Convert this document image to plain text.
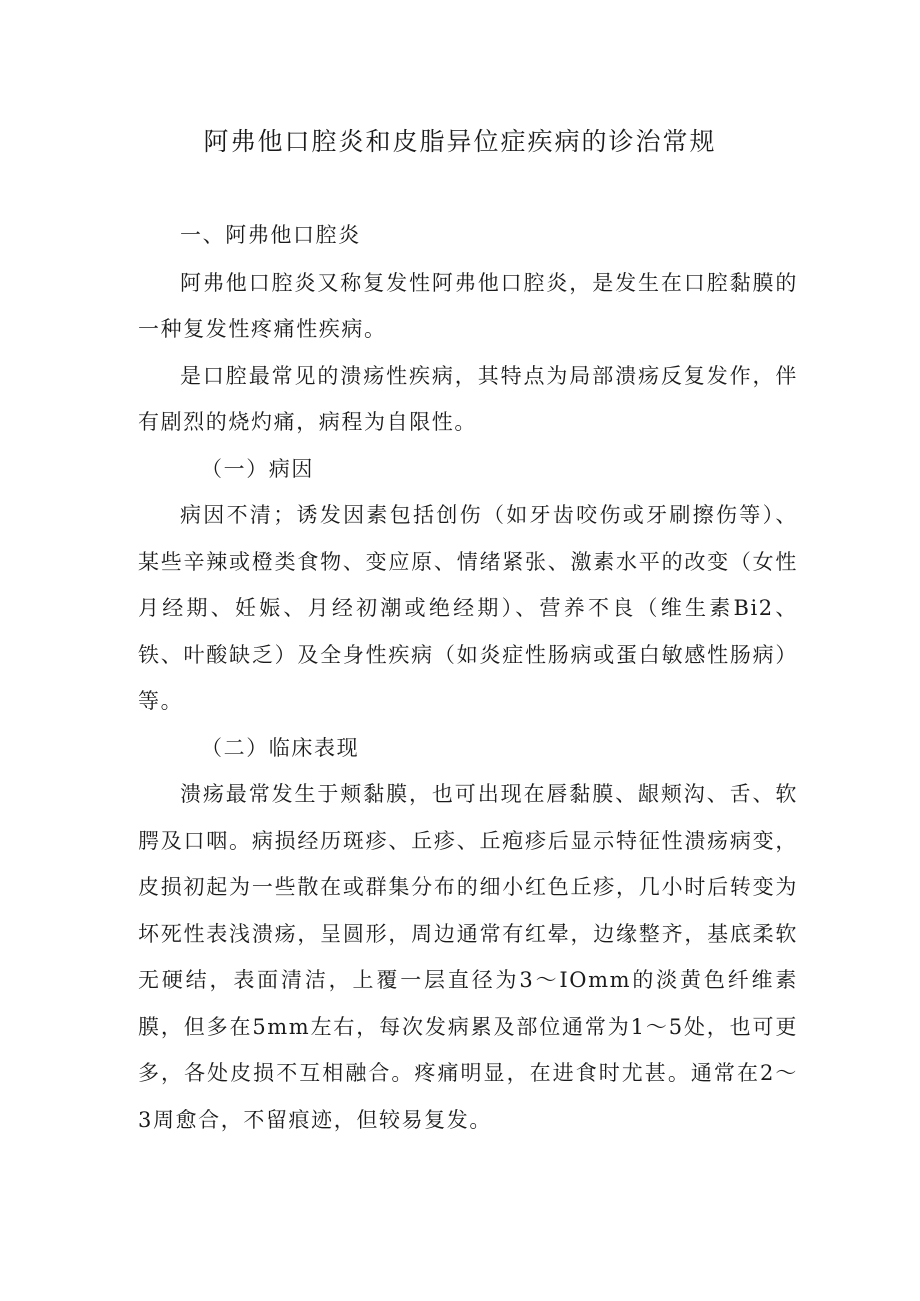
阿弗他口腔炎和皮脂异位症疾病的诊治常规

一、阿弗他口腔炎

阿弗他口腔炎又称复发性阿弗他口腔炎，是发生在口腔黏膜的一种复发性疼痛性疾病。

是口腔最常见的溃疡性疾病，其特点为局部溃疡反复发作，伴有剧烈的烧灼痛，病程为自限性。

（一）病因

病因不清；诱发因素包括创伤（如牙齿咬伤或牙刷擦伤等）、某些辛辣或橙类食物、变应原、情绪紧张、激素水平的改变（女性月经期、妊娠、月经初潮或绝经期）、营养不良（维生素Bi2、铁、叶酸缺乏）及全身性疾病（如炎症性肠病或蛋白敏感性肠病）等。

（二）临床表现

溃疡最常发生于颊黏膜，也可出现在唇黏膜、龈颊沟、舌、软腭及口咽。病损经历斑疹、丘疹、丘疱疹后显示特征性溃疡病变，皮损初起为一些散在或群集分布的细小红色丘疹，几小时后转变为坏死性表浅溃疡，呈圆形，周边通常有红晕，边缘整齐，基底柔软无硬结，表面清洁，上覆一层直径为3～IOmm的淡黄色纤维素膜，但多在5mm左右，每次发病累及部位通常为1～5处，也可更多，各处皮损不互相融合。疼痛明显，在进食时尤甚。通常在2～3周愈合，不留痕迹，但较易复发。
